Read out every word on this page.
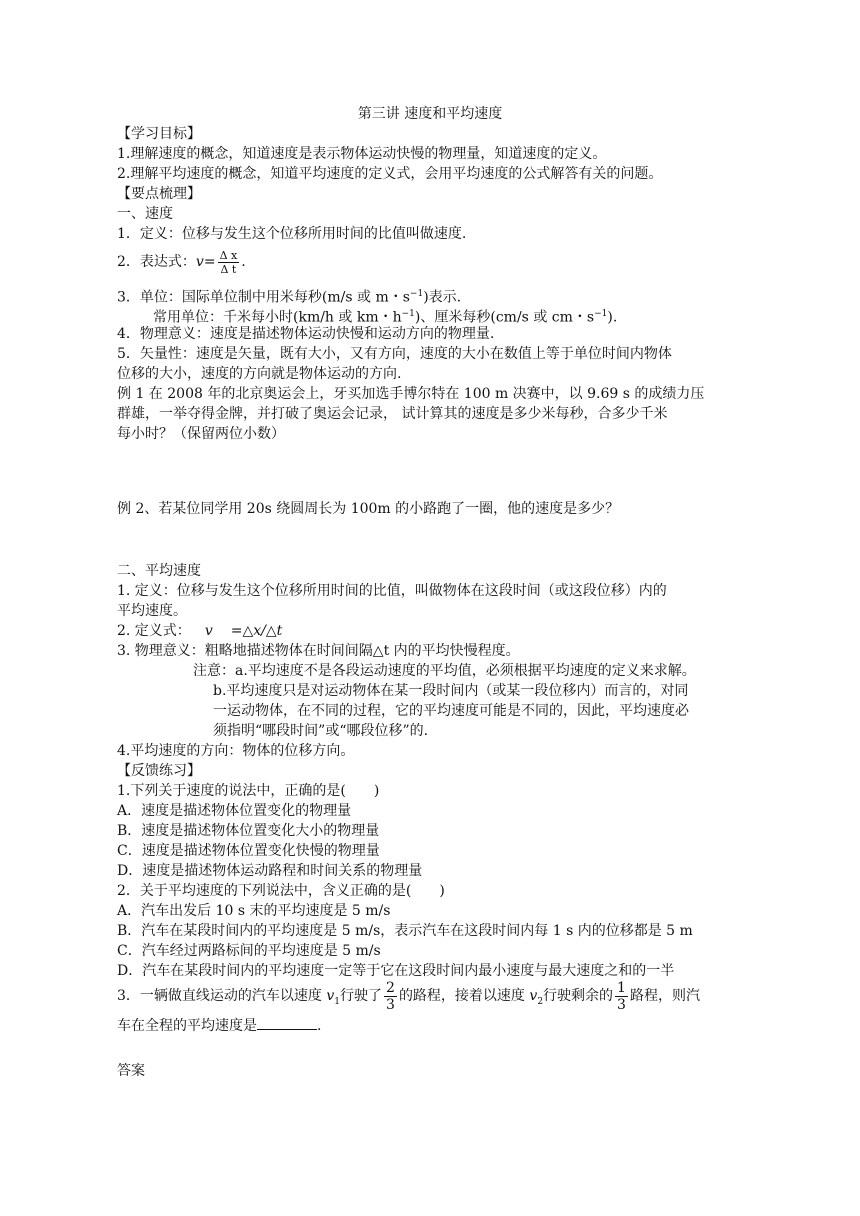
第三讲 速度和平均速度
【学习目标】
1.理解速度的概念，知道速度是表示物体运动快慢的物理量，知道速度的定义。
2.理解平均速度的概念，知道平均速度的定义式，会用平均速度的公式解答有关的问题。
【要点梳理】
一、速度
1．定义：位移与发生这个位移所用时间的比值叫做速度.
2．表达式：$v= \frac{\text{Δ x}}{\text{Δ t}}$ .
3．单位：国际单位制中用米每秒(m/s 或 m・$s^{-1}$)表示.
常用单位：千米每小时(km/h 或 km・$h^{-1}$)、厘米每秒(cm/s 或 cm・$s^{-1}$).
4．物理意义：速度是描述物体运动快慢和运动方向的物理量.
5．矢量性：速度是矢量，既有大小，又有方向，速度的大小在数值上等于单位时间内物体
位移的大小，速度的方向就是物体运动的方向.
例 1 在 2008 年的北京奥运会上，牙买加选手博尔特在 100 m 决赛中，以 9.69 s 的成绩力压
群雄，一举夺得金牌，并打破了奥运会记录， 试计算其的速度是多少米每秒，合多少千米
每小时？（保留两位小数）
例 2、若某位同学用 20s 绕圆周长为 100m 的小路跑了一圈，他的速度是多少？
二、平均速度
1. 定义：位移与发生这个位移所用时间的比值，叫做物体在这段时间（或这段位移）内的
平均速度。
2. 定义式： v =△x/△t
3. 物理意义：粗略地描述物体在时间间隔△t 内的平均快慢程度。
注意：a.平均速度不是各段运动速度的平均值，必须根据平均速度的定义来求解。
b.平均速度只是对运动物体在某一段时间内（或某一段位移内）而言的，对同
一运动物体，在不同的过程，它的平均速度可能是不同的，因此，平均速度必
须指明“哪段时间”或“哪段位移”的.
4.平均速度的方向：物体的位移方向。
【反馈练习】
1.下列关于速度的说法中，正确的是(　　)
A．速度是描述物体位置变化的物理量
B．速度是描述物体位置变化大小的物理量
C．速度是描述物体位置变化快慢的物理量
D．速度是描述物体运动路程和时间关系的物理量
2．关于平均速度的下列说法中，含义正确的是(　　)
A．汽车出发后 10 s 末的平均速度是 5 m/s
B．汽车在某段时间内的平均速度是 5 m/s，表示汽车在这段时间内每 1 s 内的位移都是 5 m
C．汽车经过两路标间的平均速度是 5 m/s
D．汽车在某段时间内的平均速度一定等于它在这段时间内最小速度与最大速度之和的一半
3．一辆做直线运动的汽车以速度 $v_1$行驶了 $\frac{2}{3}$ 的路程，接着以速度 $v_2$行驶剩余的 $\frac{1}{3}$ 路程，则汽
车在全程的平均速度是	.
答案
